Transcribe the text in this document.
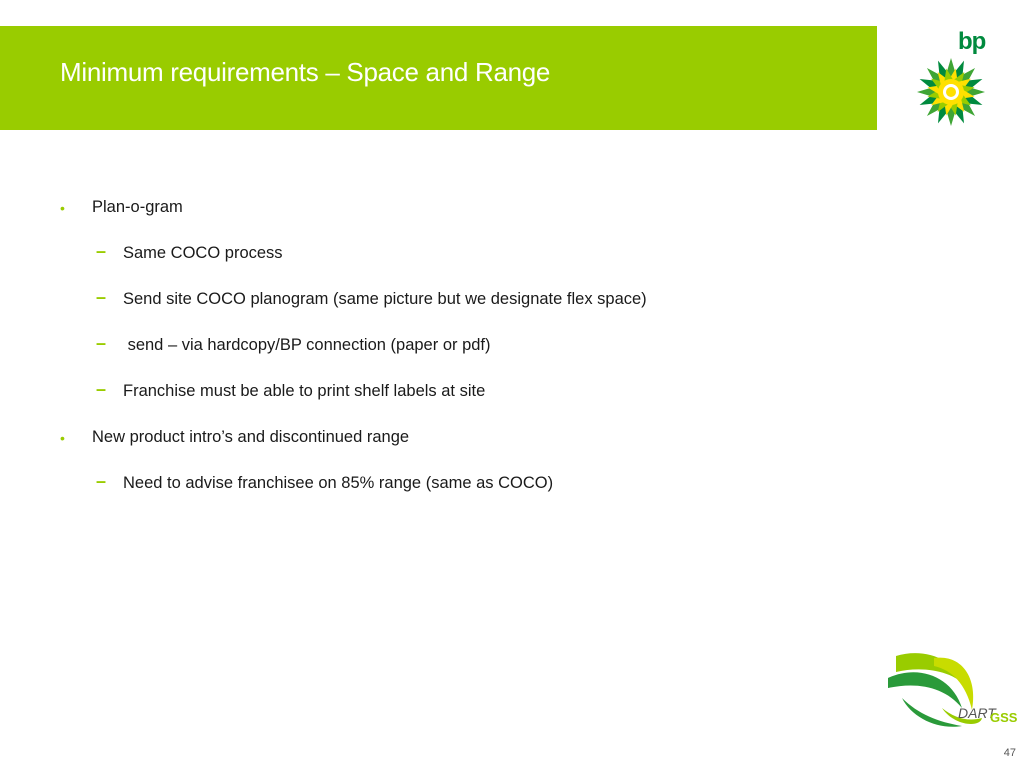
Minimum requirements – Space and Range
bp
• Plan-o-gram
– Same COCO process
– Send site COCO planogram (same picture but we designate flex space)
– send – via hardcopy/BP connection (paper or pdf)
– Franchise must be able to print shelf labels at site
• New product intro’s and discontinued range
– Need to advise franchisee on 85% range (same as COCO)
DART
GSS
47
